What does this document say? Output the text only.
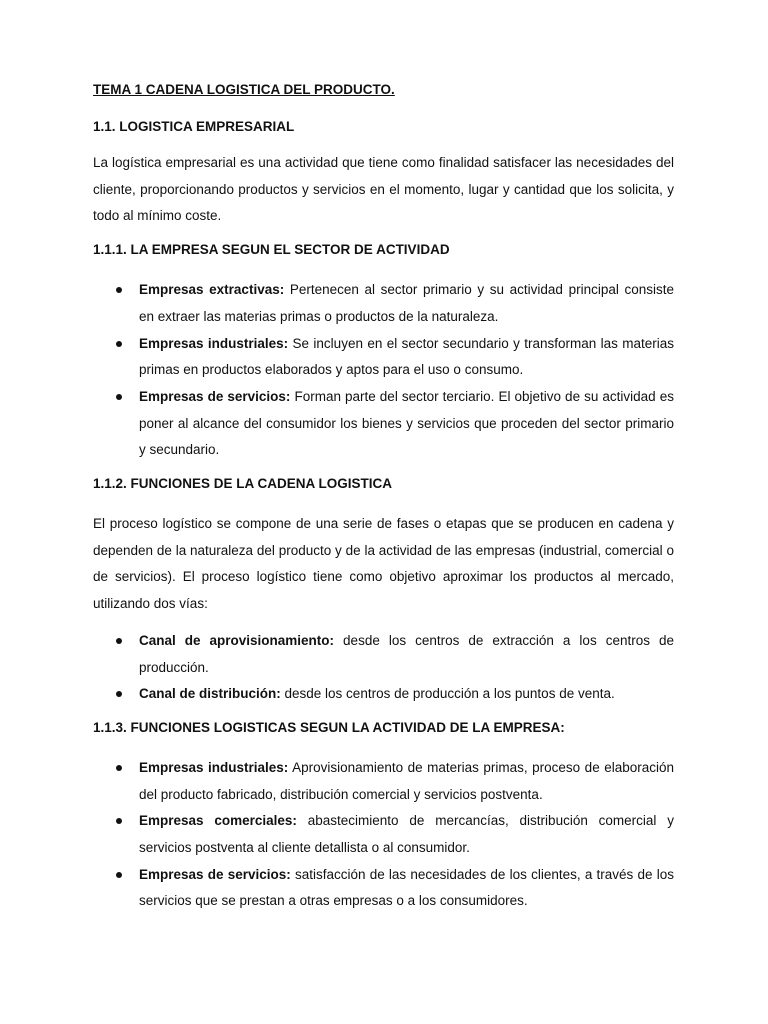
TEMA 1 CADENA LOGISTICA DEL PRODUCTO.

1.1. LOGISTICA EMPRESARIAL

La logística empresarial es una actividad que tiene como finalidad satisfacer las necesidades del cliente, proporcionando productos y servicios en el momento, lugar y cantidad que los solicita, y todo al mínimo coste.

1.1.1. LA EMPRESA SEGUN EL SECTOR DE ACTIVIDAD

Empresas extractivas: Pertenecen al sector primario y su actividad principal consiste en extraer las materias primas o productos de la naturaleza.
Empresas industriales: Se incluyen en el sector secundario y transforman las materias primas en productos elaborados y aptos para el uso o consumo.
Empresas de servicios: Forman parte del sector terciario. El objetivo de su actividad es poner al alcance del consumidor los bienes y servicios que proceden del sector primario y secundario.

1.1.2. FUNCIONES DE LA CADENA LOGISTICA

El proceso logístico se compone de una serie de fases o etapas que se producen en cadena y dependen de la naturaleza del producto y de la actividad de las empresas (industrial, comercial o de servicios). El proceso logístico tiene como objetivo aproximar los productos al mercado, utilizando dos vías:

Canal de aprovisionamiento: desde los centros de extracción a los centros de producción.
Canal de distribución: desde los centros de producción a los puntos de venta.

1.1.3. FUNCIONES LOGISTICAS SEGUN LA ACTIVIDAD DE LA EMPRESA:

Empresas industriales: Aprovisionamiento de materias primas, proceso de elaboración del producto fabricado, distribución comercial y servicios postventa.
Empresas comerciales: abastecimiento de mercancías, distribución comercial y servicios postventa al cliente detallista o al consumidor.
Empresas de servicios: satisfacción de las necesidades de los clientes, a través de los servicios que se prestan a otras empresas o a los consumidores.
